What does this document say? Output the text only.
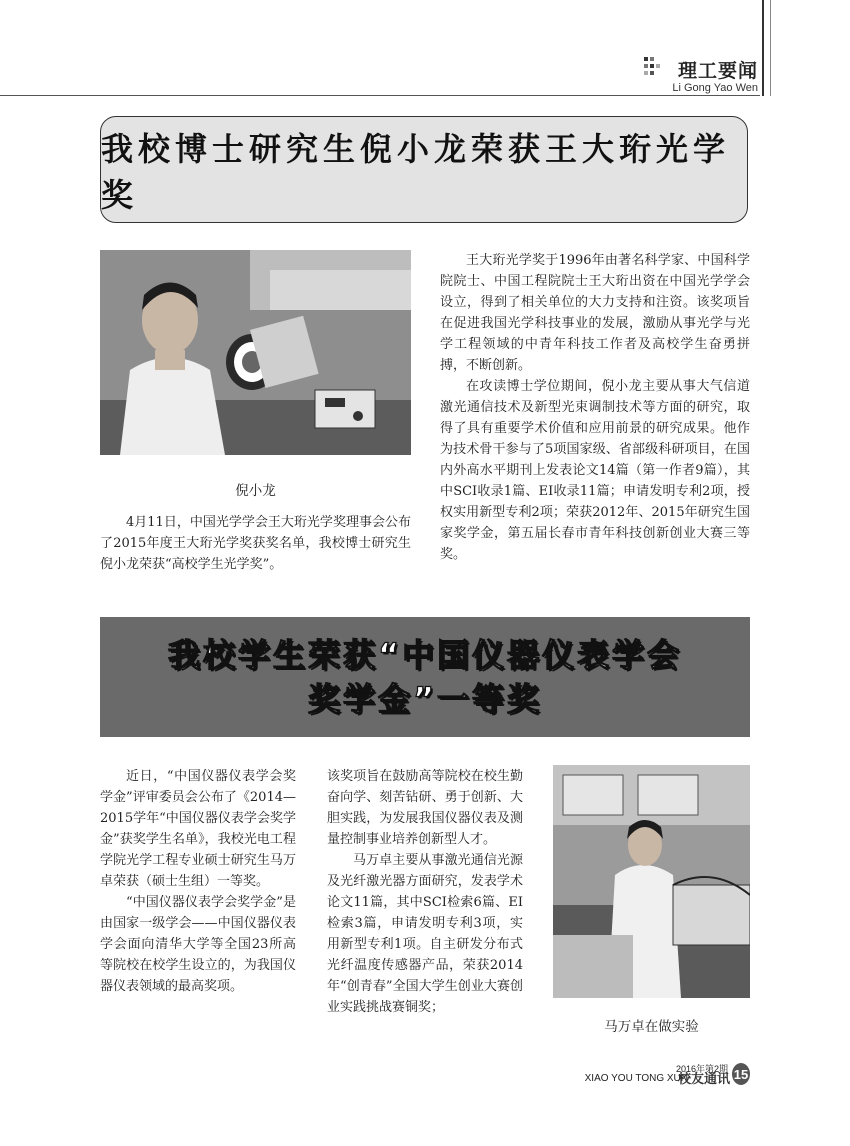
理工要闻
Li Gong Yao Wen
我校博士研究生倪小龙荣获王大珩光学奖
倪小龙

4月11日，中国光学学会王大珩光学奖理事会公布了2015年度王大珩光学奖获奖名单，我校博士研究生倪小龙荣获“高校学生光学奖”。

王大珩光学奖于1996年由著名科学家、中国科学院院士、中国工程院院士王大珩出资在中国光学学会设立，得到了相关单位的大力支持和注资。该奖项旨在促进我国光学科技事业的发展，激励从事光学与光学工程领域的中青年科技工作者及高校学生奋勇拼搏，不断创新。

在攻读博士学位期间，倪小龙主要从事大气信道激光通信技术及新型光束调制技术等方面的研究，取得了具有重要学术价值和应用前景的研究成果。他作为技术骨干参与了5项国家级、省部级科研项目，在国内外高水平期刊上发表论文14篇（第一作者9篇），其中SCI收录1篇、EI收录11篇；申请发明专利2项，授权实用新型专利2项；荣获2012年、2015年研究生国家奖学金，第五届长春市青年科技创新创业大赛三等奖。

我校学生荣获“中国仪器仪表学会
奖学金”一等奖

近日，“中国仪器仪表学会奖学金”评审委员会公布了《2014—2015学年“中国仪器仪表学会奖学金”获奖学生名单》，我校光电工程学院光学工程专业硕士研究生马万卓荣获（硕士生组）一等奖。

“中国仪器仪表学会奖学金”是由国家一级学会——中国仪器仪表学会面向清华大学等全国23所高等院校在校学生设立的，为我国仪器仪表领域的最高奖项。

该奖项旨在鼓励高等院校在校生勤奋向学、刻苦钻研、勇于创新、大胆实践，为发展我国仪器仪表及测量控制事业培养创新型人才。

马万卓主要从事激光通信光源及光纤激光器方面研究，发表学术论文11篇，其中SCI检索6篇、EI检索3篇，申请发明专利3项，实用新型专利1项。自主研发分布式光纤温度传感器产品，荣获2014年“创青春”全国大学生创业大赛创业实践挑战赛铜奖；

马万卓在做实验
2016年第2期
XIAO YOU TONG XUN
校友通讯 15
